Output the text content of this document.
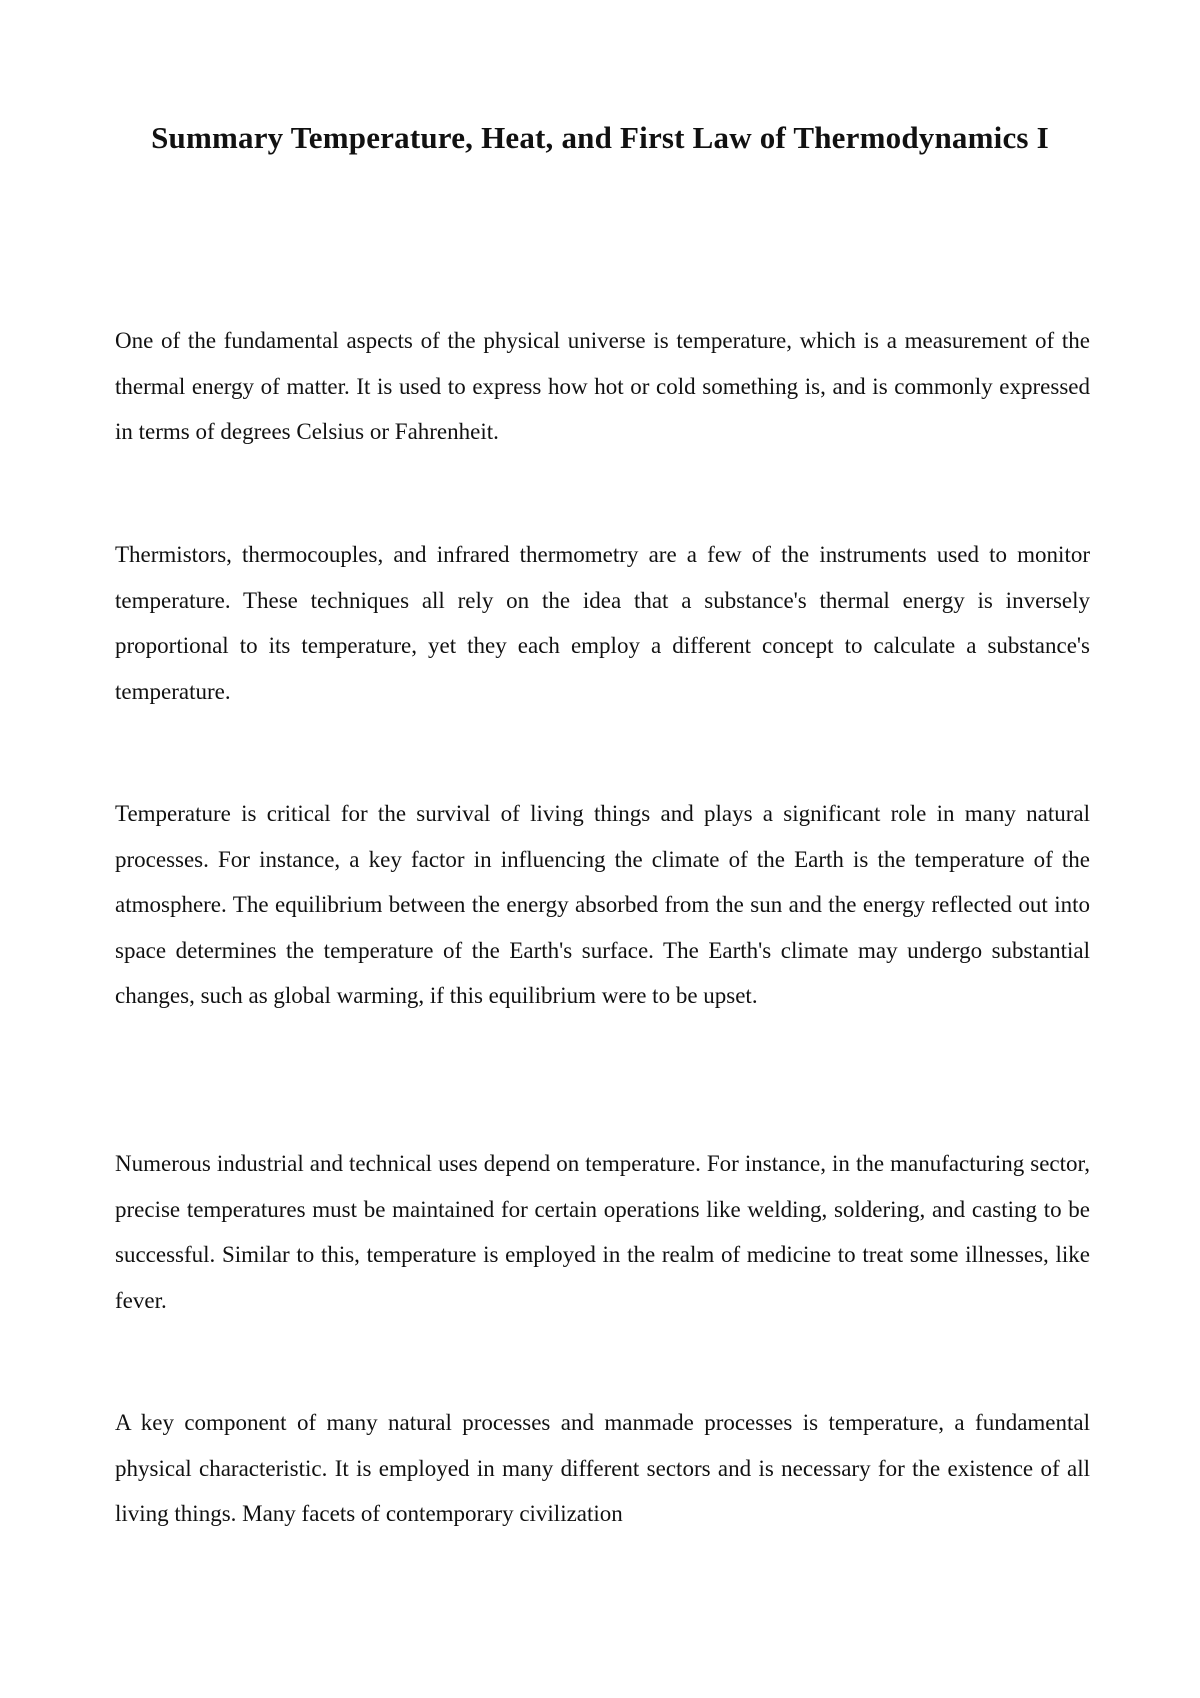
Summary Temperature, Heat, and First Law of Thermodynamics I

One of the fundamental aspects of the physical universe is temperature, which is a measurement of the thermal energy of matter. It is used to express how hot or cold something is, and is commonly expressed in terms of degrees Celsius or Fahrenheit.

Thermistors, thermocouples, and infrared thermometry are a few of the instruments used to monitor temperature. These techniques all rely on the idea that a substance's thermal energy is inversely proportional to its temperature, yet they each employ a different concept to calculate a substance's temperature.

Temperature is critical for the survival of living things and plays a significant role in many natural processes. For instance, a key factor in influencing the climate of the Earth is the temperature of the atmosphere. The equilibrium between the energy absorbed from the sun and the energy reflected out into space determines the temperature of the Earth's surface. The Earth's climate may undergo substantial changes, such as global warming, if this equilibrium were to be upset.

Numerous industrial and technical uses depend on temperature. For instance, in the manufacturing sector, precise temperatures must be maintained for certain operations like welding, soldering, and casting to be successful. Similar to this, temperature is employed in the realm of medicine to treat some illnesses, like fever.

A key component of many natural processes and manmade processes is temperature, a fundamental physical characteristic. It is employed in many different sectors and is necessary for the existence of all living things. Many facets of contemporary civilization
